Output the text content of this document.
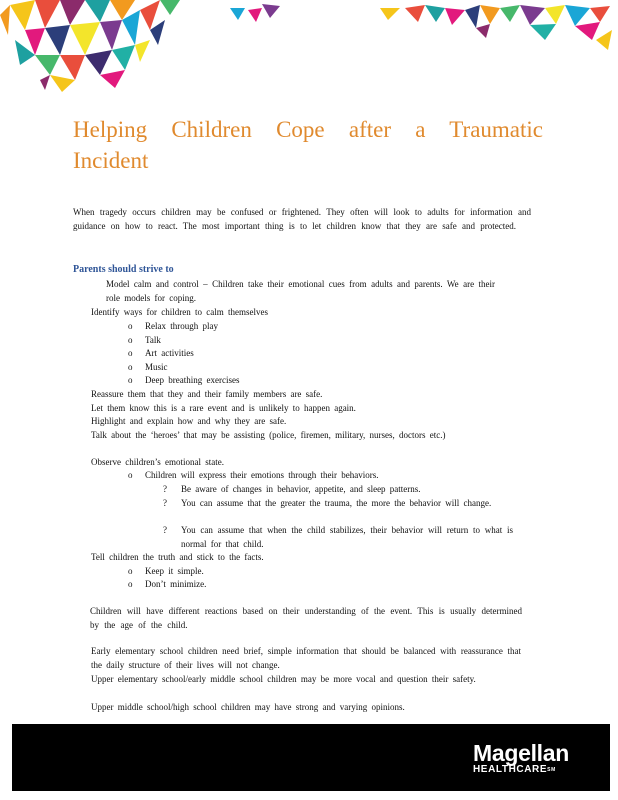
Helping Children Cope after a Traumatic Incident

When tragedy occurs children may be confused or frightened. They often will look to adults for information and guidance on how to react. The most important thing is to let children know that they are safe and protected.

Parents should strive to

Model calm and control – Children take their emotional cues from adults and parents. We are their role models for coping.
Identify ways for children to calm themselves
o Relax through play
o Talk
o Art activities
o Music
o Deep breathing exercises
Reassure them that they and their family members are safe.
Let them know this is a rare event and is unlikely to happen again.
Highlight and explain how and why they are safe.
Talk about the ‘heroes’ that may be assisting (police, firemen, military, nurses, doctors etc.)
Observe children’s emotional state.
o Children will express their emotions through their behaviors.
? Be aware of changes in behavior, appetite, and sleep patterns.
? You can assume that the greater the trauma, the more the behavior will change.
? You can assume that when the child stabilizes, their behavior will return to what is normal for that child.
Tell children the truth and stick to the facts.
o Keep it simple.
o Don’t minimize.

Children will have different reactions based on their understanding of the event. This is usually determined by the age of the child.

Early elementary school children need brief, simple information that should be balanced with reassurance that the daily structure of their lives will not change.
Upper elementary school/early middle school children may be more vocal and question their safety.
Upper middle school/high school children may have strong and varying opinions.
Magellan
HEALTHCARE℠
